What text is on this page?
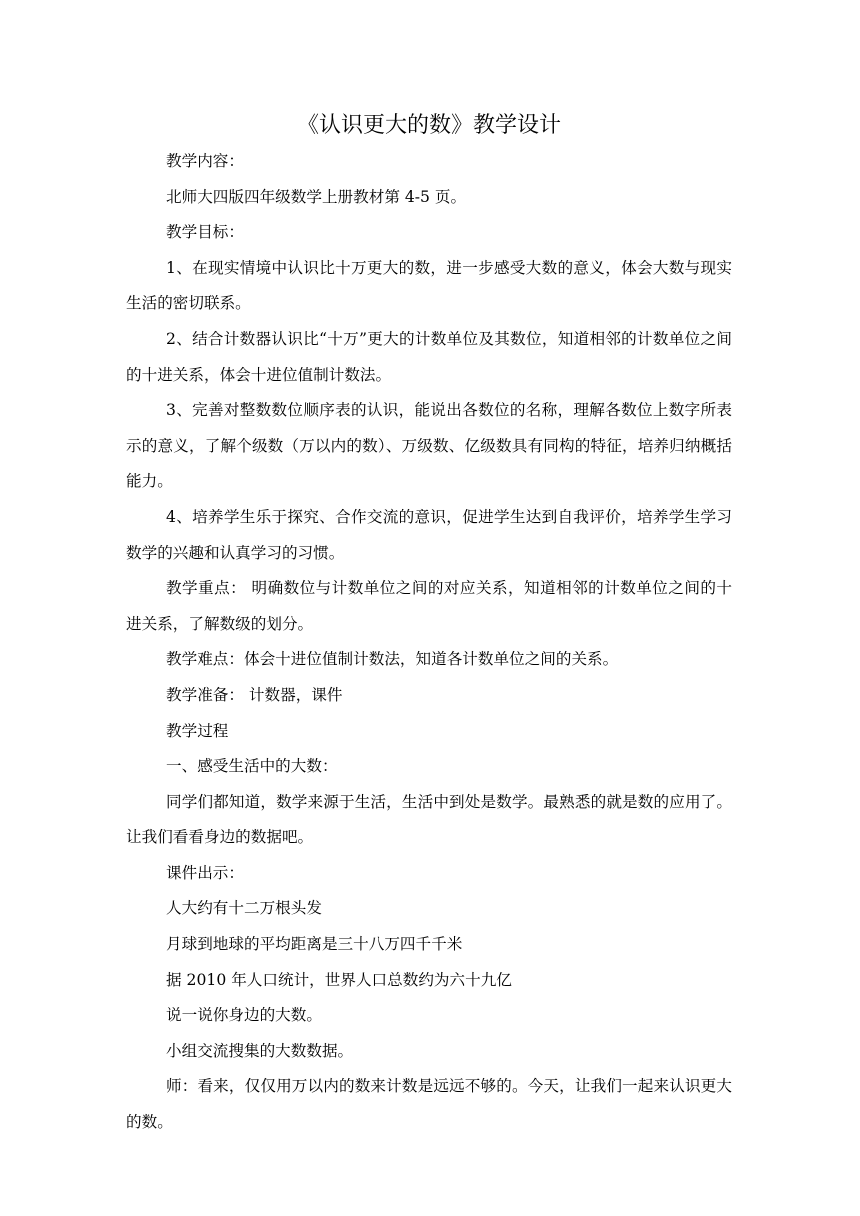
《认识更大的数》教学设计

教学内容：

北师大四版四年级数学上册教材第 4-5 页。

教学目标：

1、在现实情境中认识比十万更大的数，进一步感受大数的意义，体会大数与现实生活的密切联系。

2、结合计数器认识比“十万”更大的计数单位及其数位，知道相邻的计数单位之间的十进关系，体会十进位值制计数法。

3、完善对整数数位顺序表的认识，能说出各数位的名称，理解各数位上数字所表示的意义，了解个级数（万以内的数）、万级数、亿级数具有同构的特征，培养归纳概括能力。

4、培养学生乐于探究、合作交流的意识，促进学生达到自我评价，培养学生学习数学的兴趣和认真学习的习惯。

教学重点： 明确数位与计数单位之间的对应关系，知道相邻的计数单位之间的十进关系，了解数级的划分。

教学难点：体会十进位值制计数法，知道各计数单位之间的关系。

教学准备： 计数器，课件

教学过程

一、感受生活中的大数：

同学们都知道，数学来源于生活，生活中到处是数学。最熟悉的就是数的应用了。让我们看看身边的数据吧。

课件出示：

人大约有十二万根头发

月球到地球的平均距离是三十八万四千千米

据 2010 年人口统计，世界人口总数约为六十九亿

说一说你身边的大数。

小组交流搜集的大数数据。

师：看来，仅仅用万以内的数来计数是远远不够的。今天，让我们一起来认识更大的数。
